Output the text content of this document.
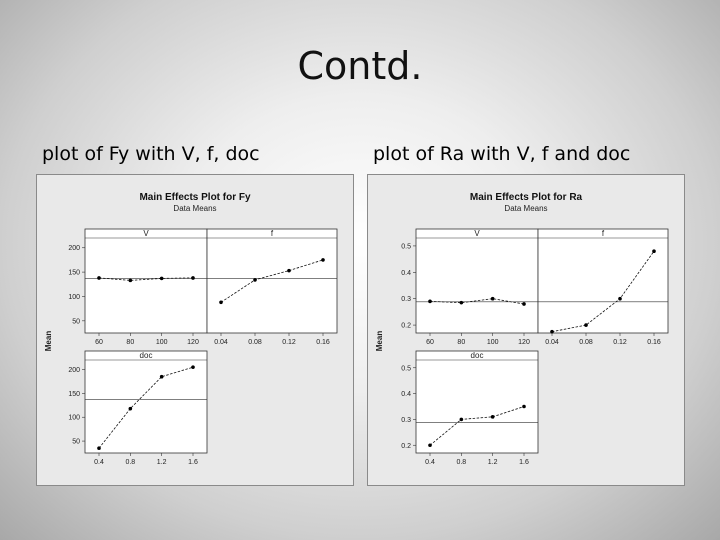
Contd.
plot of Fy with V, f, doc	plot of Ra with V, f and doc
Main Effects Plot for Fy
Data Means
Mean
V
50
100
150
200
60	80	100	120
f
0.04	0.08	0.12	0.16
doc
50
100
150
200
0.4	0.8	1.2	1.6
Main Effects Plot for Ra
Data Means
Mean
V
0.2
0.3
0.4
0.5
60	80	100	120
f
0.04	0.08	0.12	0.16
doc
0.2
0.3
0.4
0.5
0.4	0.8	1.2	1.6
